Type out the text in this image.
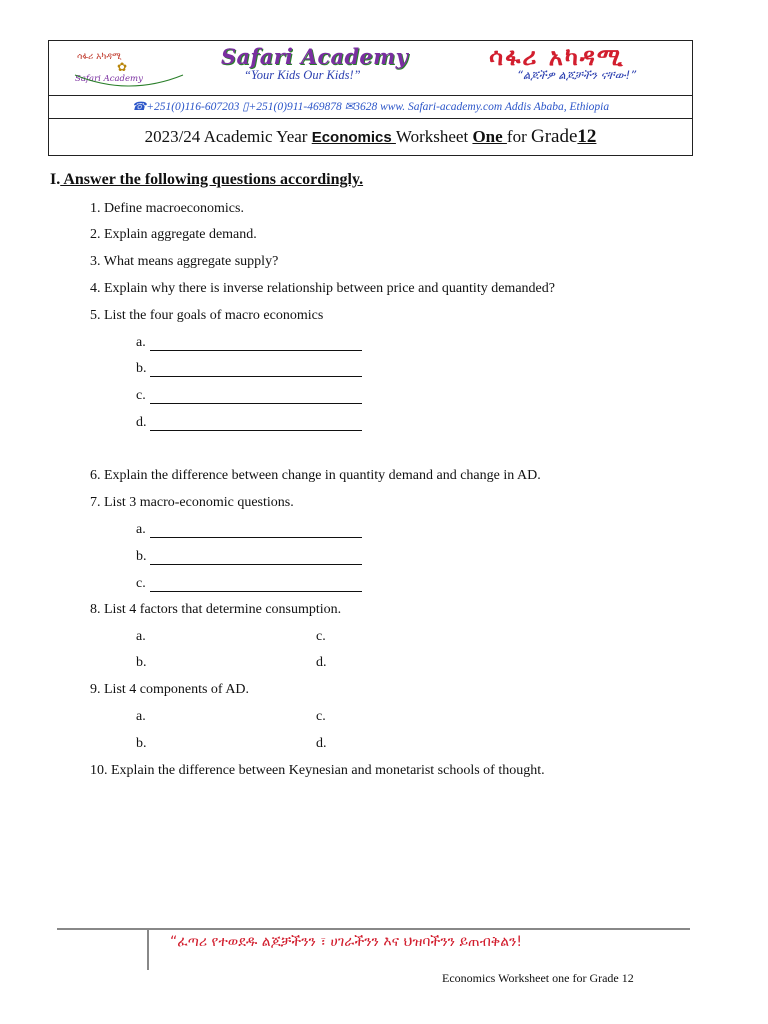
ሳፋሪ አካዳሚ
✿
Safari Academy
Safari Academy
“Your Kids Our Kids!”
ሳፋሪ አካዳሚ
“ልጆችዎ ልጆቻችን ናቸው!”
☎+251(0)116-607203 ▯+251(0)911-469878 ✉3628 www. Safari-academy.com Addis Ababa, Ethiopia
2023/24 Academic Year Economics Worksheet One for Grade12
I. Answer the following questions accordingly.
1. Define macroeconomics.
2. Explain aggregate demand.
3. What means aggregate supply?
4. Explain why there is inverse relationship between price and quantity demanded?
5. List the four goals of macro economics
a.
b.
c.
d.
6. Explain the difference between change in quantity demand and change in AD.
7. List 3 macro-economic questions.
a.
b.
c.
8. List 4 factors that determine consumption.
a.	c.
b.	d.
9. List 4 components of AD.
a.	c.
b.	d.
10. Explain the difference between Keynesian and monetarist schools of thought.
“ፈጣሪ የተወደዱ ልጆቻችንን ፣ ሀገራችንን እና ህዝባችንን ይጠብቅልን!
Economics Worksheet one for Grade 12
